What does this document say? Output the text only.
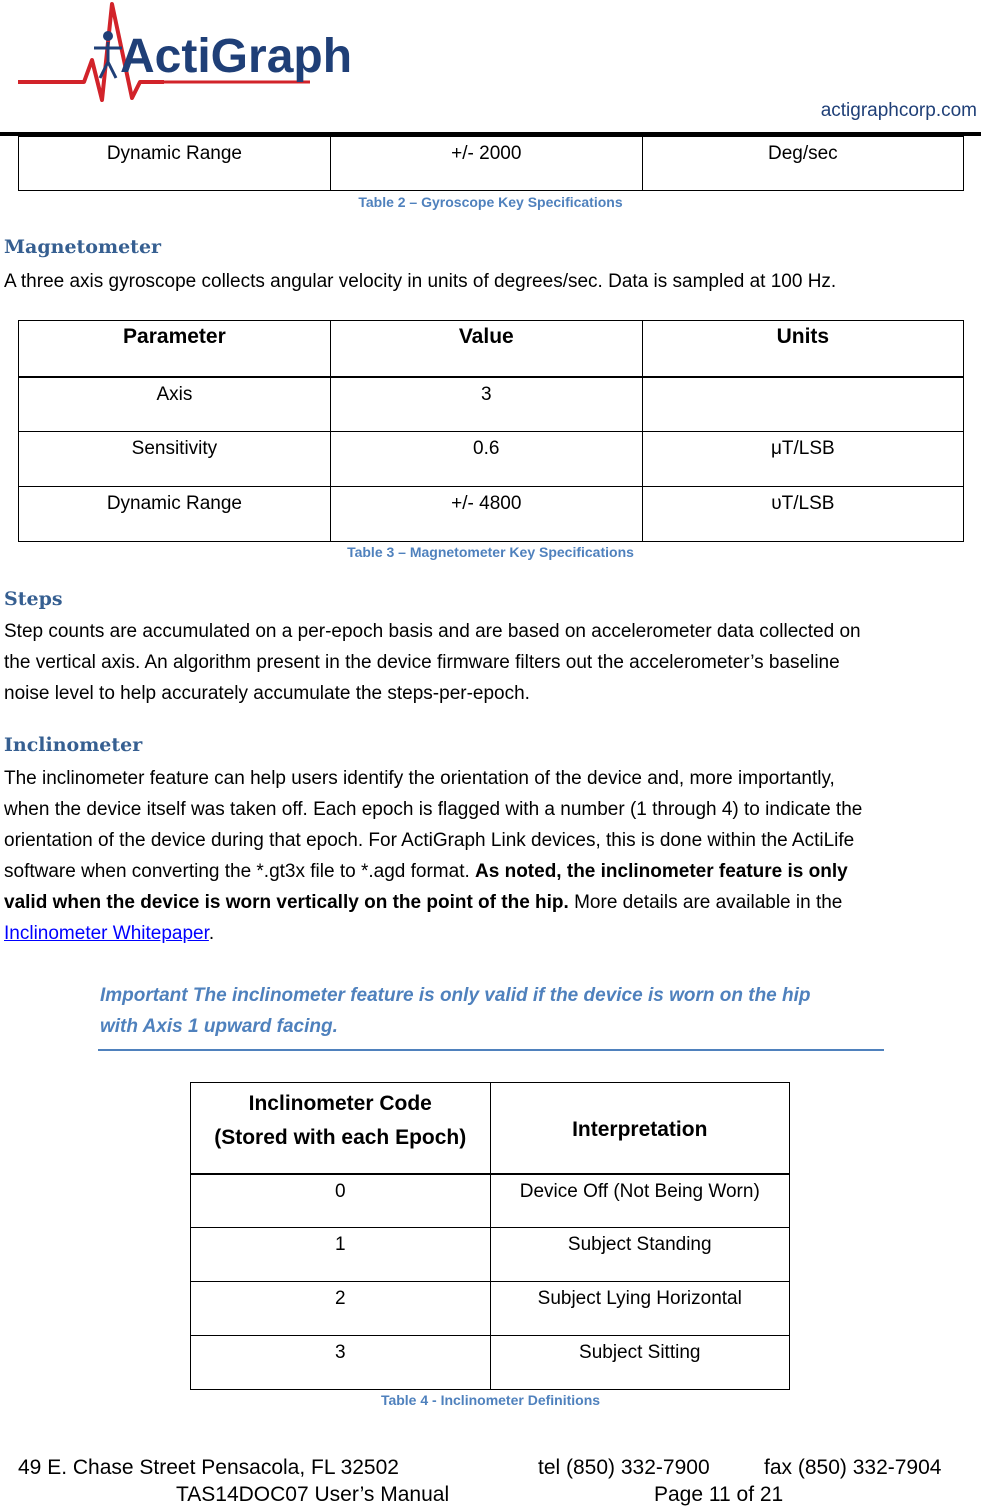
ActiGraph
actigraphcorp.com
Dynamic Range	+/- 2000	Deg/sec
Table 2 – Gyroscope Key Specifications
Magnetometer

A three axis gyroscope collects angular velocity in units of degrees/sec. Data is sampled at 100 Hz.

Parameter	Value	Units
Axis	3	
Sensitivity	0.6	μT/LSB
Dynamic Range	+/- 4800	υT/LSB
Table 3 – Magnetometer Key Specifications
Steps

Step counts are accumulated on a per-epoch basis and are based on accelerometer data collected on
the vertical axis. An algorithm present in the device firmware filters out the accelerometer’s baseline
noise level to help accurately accumulate the steps-per-epoch.

Inclinometer

The inclinometer feature can help users identify the orientation of the device and, more importantly,
when the device itself was taken off. Each epoch is flagged with a number (1 through 4) to indicate the
orientation of the device during that epoch. For ActiGraph Link devices, this is done within the ActiLife
software when converting the *.gt3x file to *.agd format. As noted, the inclinometer feature is only
valid when the device is worn vertically on the point of the hip. More details are available in the
Inclinometer Whitepaper.

Important The inclinometer feature is only valid if the device is worn on the hip
with Axis 1 upward facing.
Inclinometer Code
(Stored with each Epoch)	Interpretation
0	Device Off (Not Being Worn)
1	Subject Standing
2	Subject Lying Horizontal
3	Subject Sitting
Table 4 - Inclinometer Definitions
49 E. Chase Street Pensacola, FL 32502	tel (850) 332-7900	fax (850) 332-7904
TAS14DOC07 User’s Manual	Page 11 of 21
